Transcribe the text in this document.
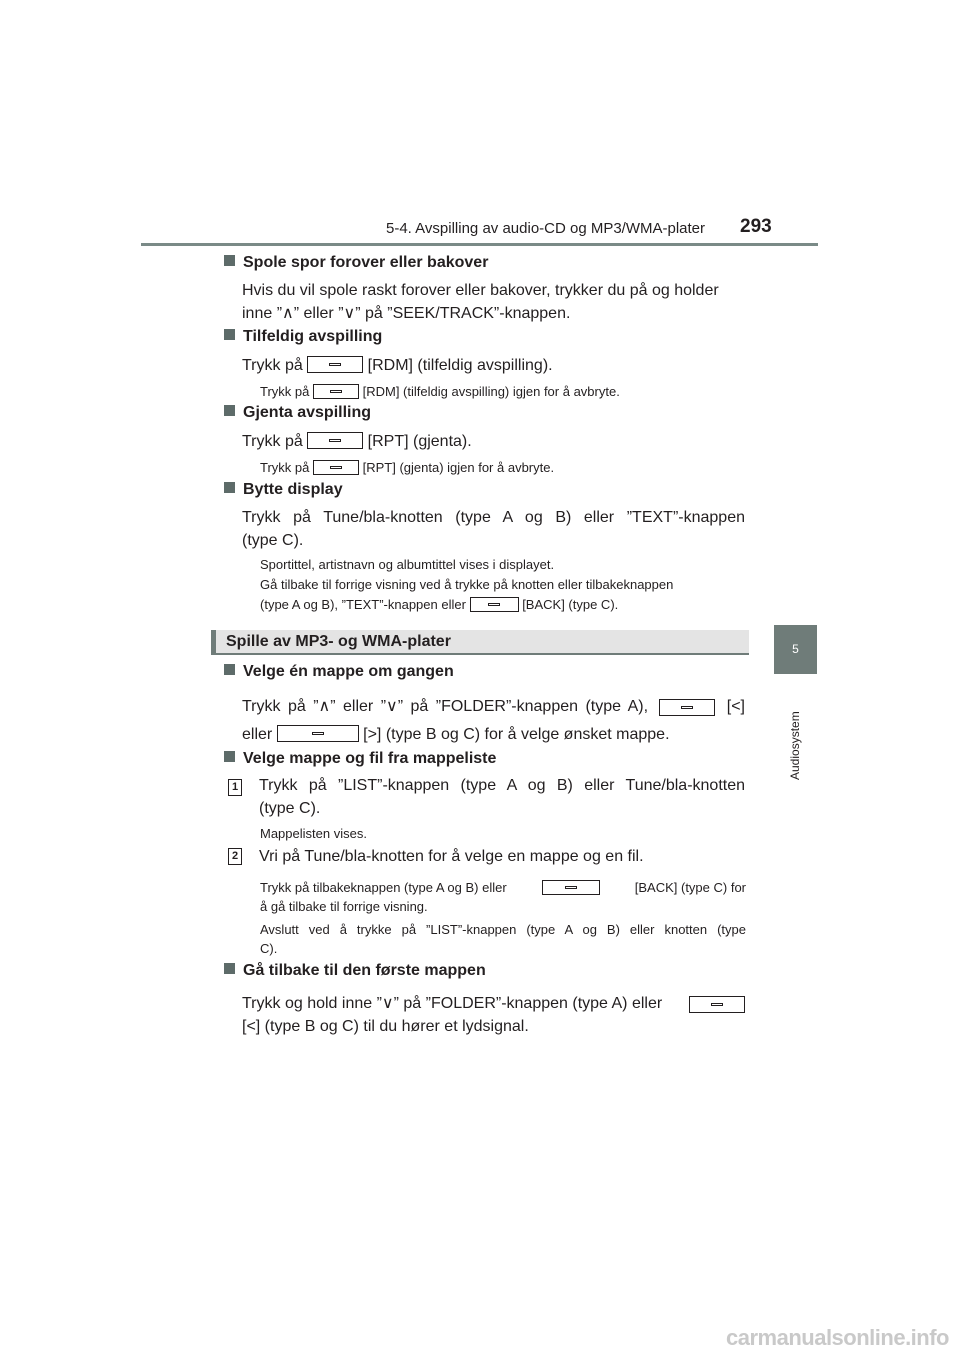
5-4. Avspilling av audio-CD og MP3/WMA-plater 293
5
Audiosystem
Spole spor forover eller bakover
Hvis du vil spole raskt forover eller bakover, trykker du på og holder
inne ”∧” eller ”∨” på ”SEEK/TRACK”-knappen.
Tilfeldig avspilling
Trykk på	[RDM] (tilfeldig avspilling).
Trykk på	[RDM] (tilfeldig avspilling) igjen for å avbryte.
Gjenta avspilling
Trykk på	[RPT] (gjenta).
Trykk på	[RPT] (gjenta) igjen for å avbryte.
Bytte display
Trykk på Tune/bla-knotten (type A og B) eller ”TEXT”-knappen
(type C).
Sportittel, artistnavn og albumtittel vises i displayet.
Gå tilbake til forrige visning ved å trykke på knotten eller tilbakeknappen
(type A og B), ”TEXT”-knappen eller	[BACK] (type C).
Spille av MP3- og WMA-plater
Velge én mappe om gangen
Trykk på ”∧” eller ”∨” på ”FOLDER”-knappen (type A),	[<]
eller	[>] (type B og C) for å velge ønsket mappe.
Velge mappe og fil fra mappeliste
1 Trykk på ”LIST”-knappen (type A og B) eller Tune/bla-knotten
(type C).
Mappelisten vises.
2 Vri på Tune/bla-knotten for å velge en mappe og en fil.
Trykk på tilbakeknappen (type A og B) eller	[BACK] (type C) for
å gå tilbake til forrige visning.
Avslutt ved å trykke på ”LIST”-knappen (type A og B) eller knotten (type
C).
Gå tilbake til den første mappen
Trykk og hold inne ”∨” på ”FOLDER”-knappen (type A) eller
[<] (type B og C) til du hører et lydsignal.
carmanualsonline.info
